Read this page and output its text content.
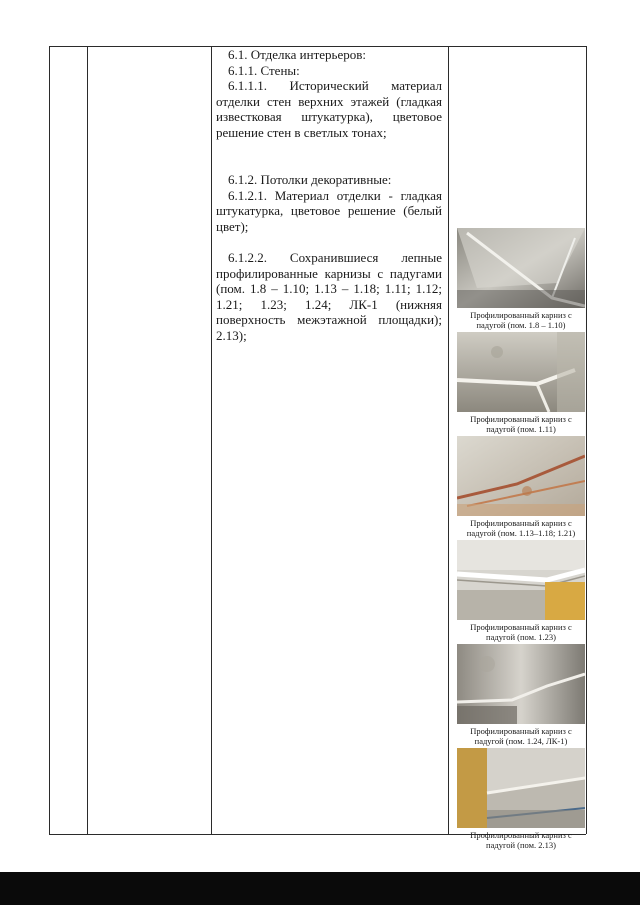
6.1. Отделка интерьеров:

6.1.1. Стены:

6.1.1.1. Исторический материал отделки стен верхних этажей (гладкая известковая штукатурка), цветовое решение стен в светлых тонах;

6.1.2. Потолки декоративные:

6.1.2.1. Материал отделки - гладкая штукатурка, цветовое решение (белый цвет);

6.1.2.2. Сохранившиеся лепные профилированные карнизы с падугами (пом. 1.8 – 1.10; 1.13 – 1.18; 1.11; 1.12; 1.21; 1.23; 1.24; ЛК-1 (нижняя поверхность межэтажной площадки); 2.13);

Профилированный карниз с падугой (пом. 1.8 – 1.10)
Профилированный карниз с падугой (пом. 1.11)
Профилированный карниз с падугой (пом. 1.13–1.18; 1.21)
Профилированный карниз с падугой (пом. 1.23)
Профилированный карниз с падугой (пом. 1.24, ЛК-1)
Профилированный карниз с падугой (пом. 2.13)
